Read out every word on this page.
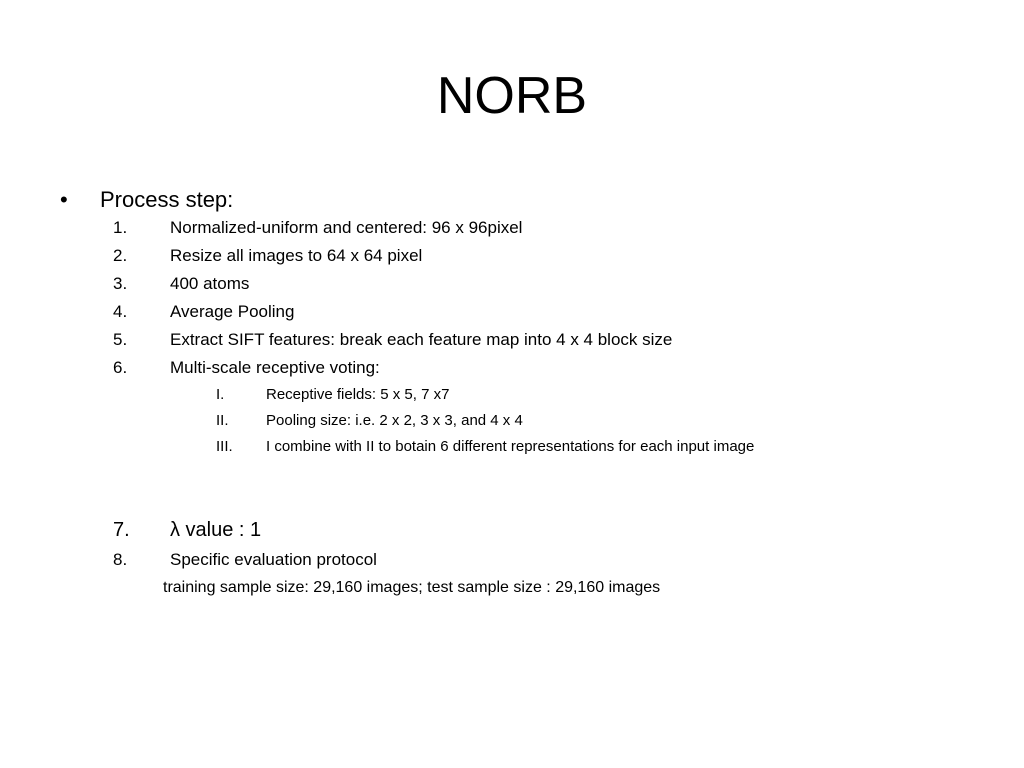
NORB
• Process step:
1.	Normalized-uniform and centered: 96 x 96pixel
2.	Resize all images to 64 x 64 pixel
3.	400 atoms
4.	Average Pooling
5.	Extract SIFT features: break each feature map into 4 x 4 block size
6.	Multi-scale receptive voting:
I.	Receptive fields: 5 x 5, 7 x7
II. Pooling size: i.e. 2 x 2, 3 x 3, and 4 x 4
III. I combine with II to botain 6 different representations for each input image
7. λ value : 1
8.	Specific evaluation protocol
training sample size: 29,160 images; test sample size : 29,160 images
